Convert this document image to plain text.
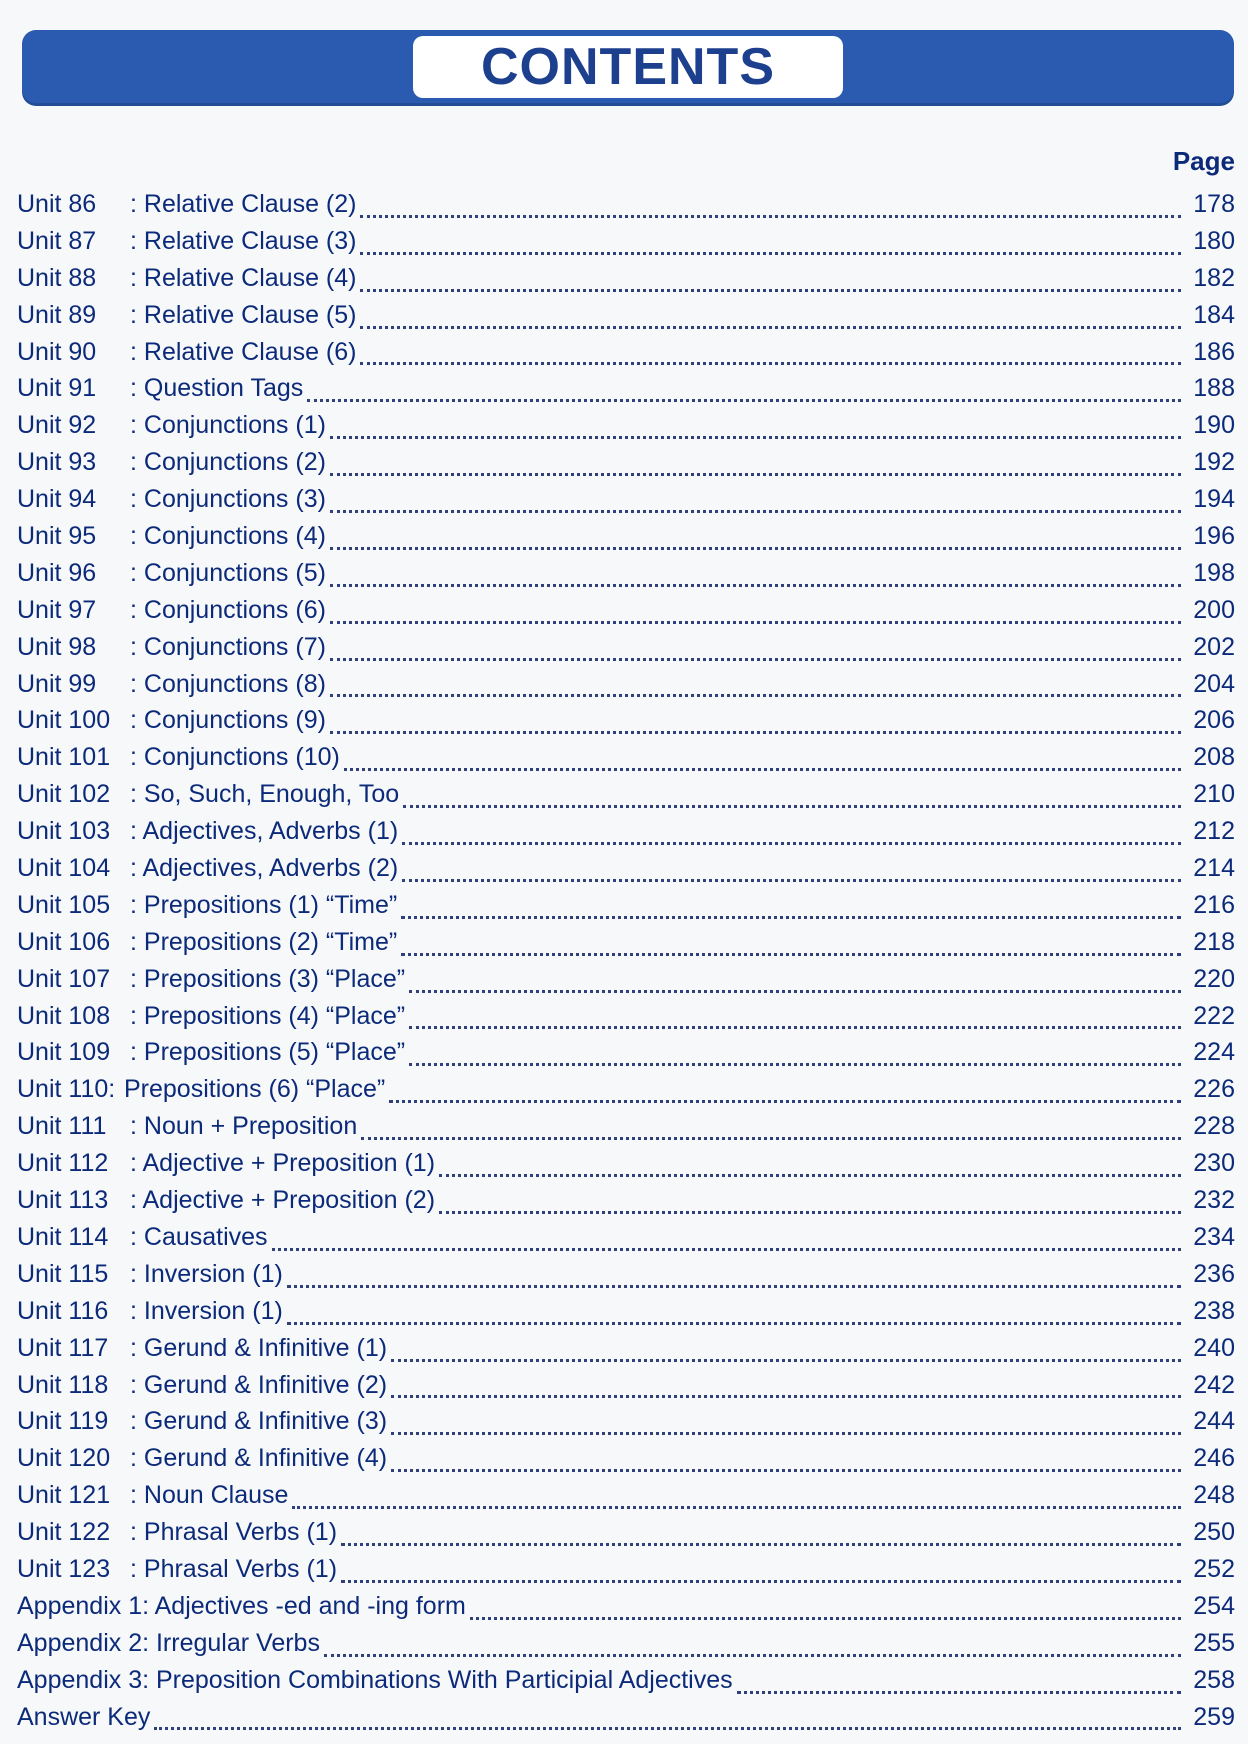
CONTENTS
Page
Unit 86	: Relative Clause (2)	178
Unit 87	: Relative Clause (3)	180
Unit 88	: Relative Clause (4)	182
Unit 89	: Relative Clause (5)	184
Unit 90	: Relative Clause (6)	186
Unit 91	: Question Tags	188
Unit 92	: Conjunctions (1)	190
Unit 93	: Conjunctions (2)	192
Unit 94	: Conjunctions (3)	194
Unit 95	: Conjunctions (4)	196
Unit 96	: Conjunctions (5)	198
Unit 97	: Conjunctions (6)	200
Unit 98	: Conjunctions (7)	202
Unit 99	: Conjunctions (8)	204
Unit 100 : Conjunctions (9)	206
Unit 101 : Conjunctions (10)	208
Unit 102 : So, Such, Enough, Too	210
Unit 103 : Adjectives, Adverbs (1)	212
Unit 104 : Adjectives, Adverbs (2)	214
Unit 105 : Prepositions (1) “Time”	216
Unit 106 : Prepositions (2) “Time”	218
Unit 107 : Prepositions (3) “Place”	220
Unit 108 : Prepositions (4) “Place”	222
Unit 109 : Prepositions (5) “Place”	224
Unit 110: Prepositions (6) “Place”	226
Unit 111 : Noun + Preposition	228
Unit 112 : Adjective + Preposition (1)	230
Unit 113 : Adjective + Preposition (2)	232
Unit 114 : Causatives	234
Unit 115 : Inversion (1)	236
Unit 116 : Inversion (1)	238
Unit 117 : Gerund & Infinitive (1)	240
Unit 118 : Gerund & Infinitive (2)	242
Unit 119 : Gerund & Infinitive (3)	244
Unit 120 : Gerund & Infinitive (4)	246
Unit 121 : Noun Clause	248
Unit 122 : Phrasal Verbs (1)	250
Unit 123 : Phrasal Verbs (1)	252
Appendix 1: Adjectives -ed and -ing form	254
Appendix 2: Irregular Verbs	255
Appendix 3: Preposition Combinations With Participial Adjectives	258
Answer Key	259
